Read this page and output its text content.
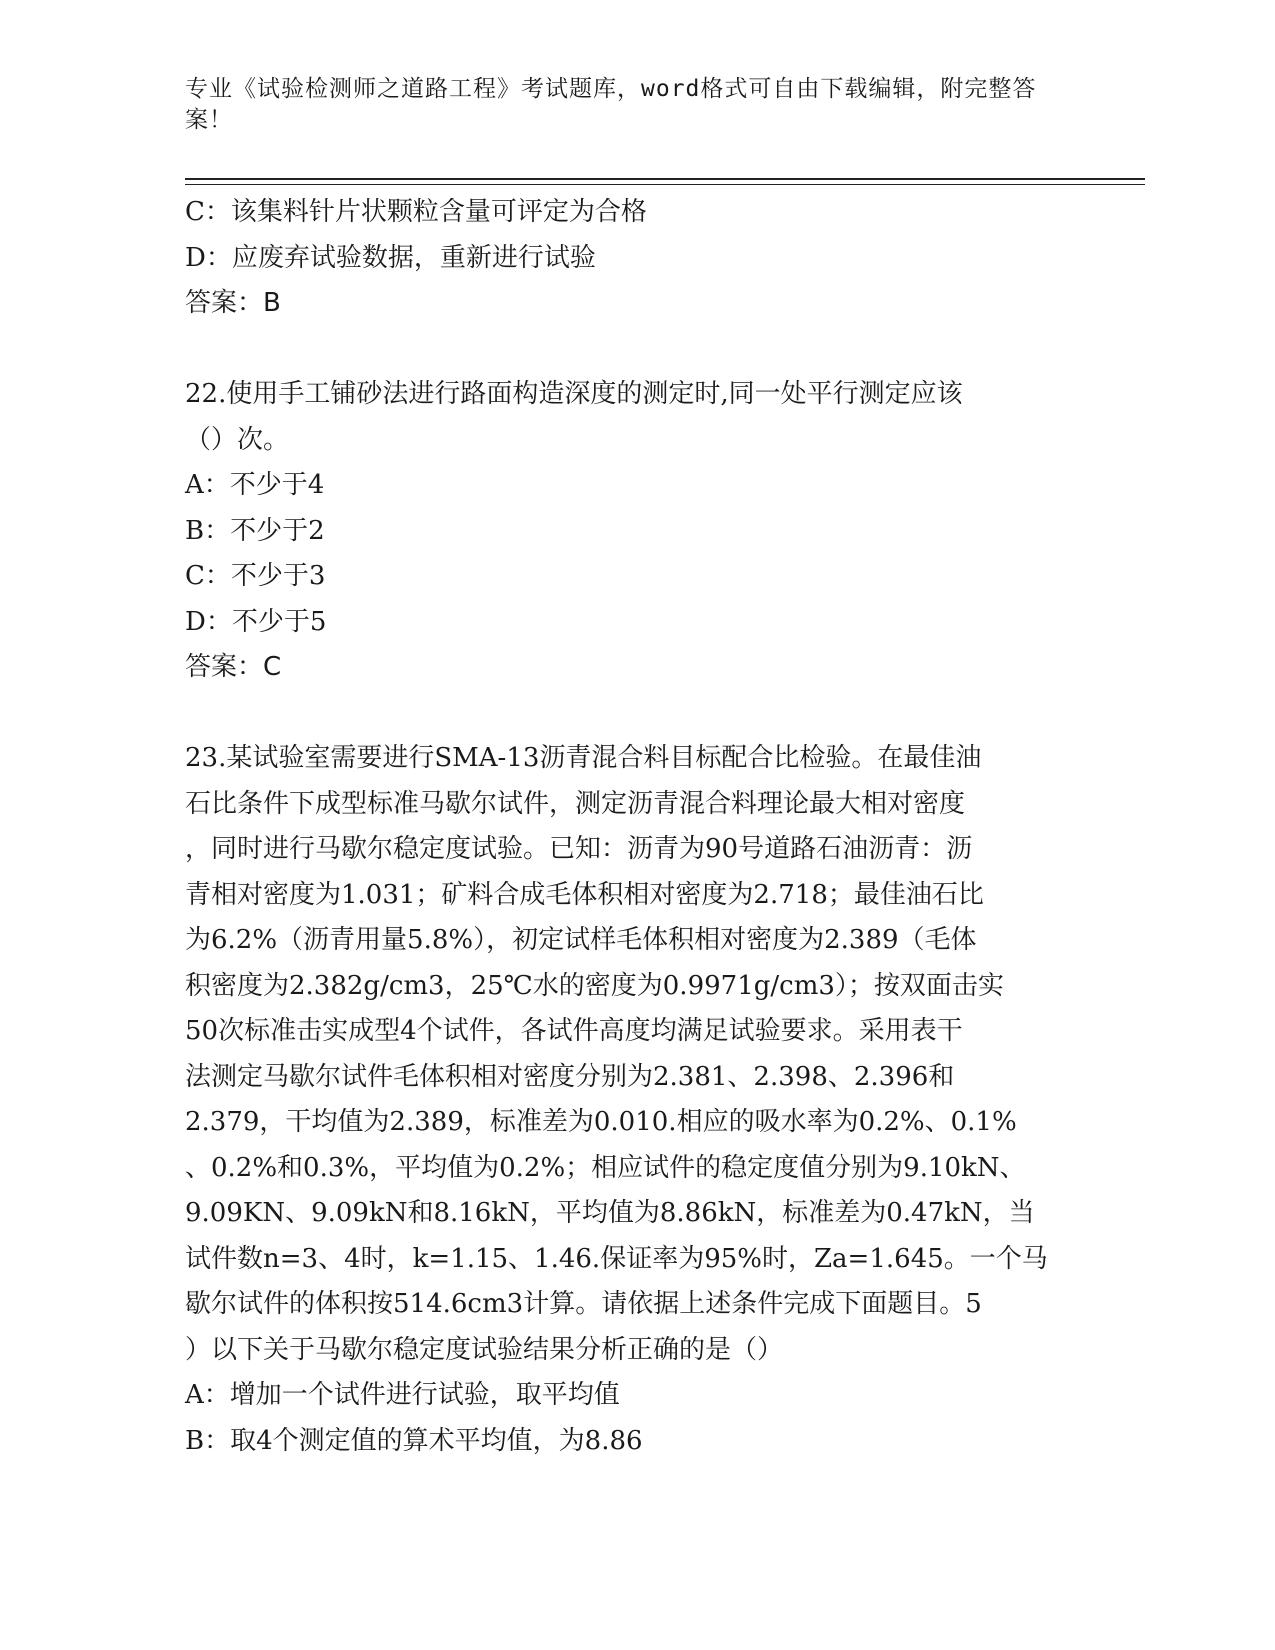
专业《试验检测师之道路工程》考试题库，word格式可自由下载编辑，附完整答
案！
C：该集料针片状颗粒含量可评定为合格
D：应废弃试验数据，重新进行试验
答案：B
22.使用手工铺砂法进行路面构造深度的测定时,同一处平行测定应该
（）次。
A：不少于4
B：不少于2
C：不少于3
D：不少于5
答案：C
23.某试验室需要进行SMA-13沥青混合料目标配合比检验。在最佳油
石比条件下成型标准马歇尔试件，测定沥青混合料理论最大相对密度
，同时进行马歇尔稳定度试验。已知：沥青为90号道路石油沥青：沥
青相对密度为1.031；矿料合成毛体积相对密度为2.718；最佳油石比
为6.2%（沥青用量5.8%），初定试样毛体积相对密度为2.389（毛体
积密度为2.382g/cm3，25℃水的密度为0.9971g/cm3）；按双面击实
50次标准击实成型4个试件，各试件高度均满足试验要求。采用表干
法测定马歇尔试件毛体积相对密度分别为2.381、2.398、2.396和
2.379，干均值为2.389，标准差为0.010.相应的吸水率为0.2%、0.1%
、0.2%和0.3%，平均值为0.2%；相应试件的稳定度值分别为9.10kN、
9.09KN、9.09kN和8.16kN，平均值为8.86kN，标准差为0.47kN，当
试件数n=3、4时，k=1.15、1.46.保证率为95%时，Za=1.645。一个马
歇尔试件的体积按514.6cm3计算。请依据上述条件完成下面题目。5
）以下关于马歇尔稳定度试验结果分析正确的是（）
A：增加一个试件进行试验，取平均值
B：取4个测定值的算术平均值，为8.86
